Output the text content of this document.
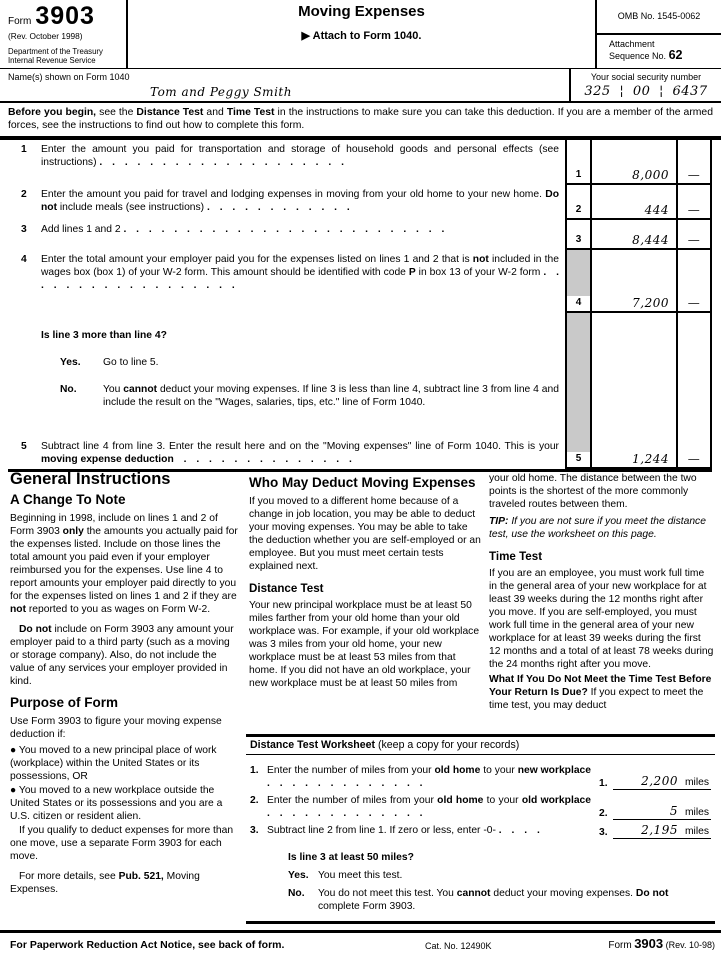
Form 3903
(Rev. October 1998)
Department of the Treasury
Internal Revenue Service
Moving Expenses
▶ Attach to Form 1040.
OMB No. 1545-0062
Attachment
Sequence No. 62
Name(s) shown on Form 1040
Tom and Peggy Smith
Your social security number
325 ¦ 00 ¦ 6437
Before you begin, see the Distance Test and Time Test in the instructions to make sure you can take this deduction. If you are a member of the armed forces, see the instructions to find out how to complete this form.
1	Enter the amount you paid for transportation and storage of household goods and personal effects (see instructions) . . . . . . . . . . . . . . . . . . . .
1	8,000	—
2	Enter the amount you paid for travel and lodging expenses in moving from your old home to your new home. Do not include meals (see instructions) . . . . . . . . . . . .	2	444	—
3	Add lines 1 and 2 . . . . . . . . . . . . . . . . . . . . . . . . . .
3	8,444	—
4	Enter the total amount your employer paid you for the expenses listed on lines 1 and 2 that is not included in the wages box (box 1) of your W-2 form. This amount should be identified with code P in box 13 of your W-2 form . . . . . . . . . . . . . . . . . .
4	7,200	—
Is line 3 more than line 4?
Yes.	Go to line 5.
No.	You cannot deduct your moving expenses. If line 3 is less than line 4, subtract line 3 from line 4 and include the result on the "Wages, salaries, tips, etc." line of Form 1040.
5	Subtract line 4 from line 3. Enter the result here and on the "Moving expenses" line of Form 1040. This is your moving expense deduction . . . . . . . . . . . . . .	5	1,244	—
General Instructions
A Change To Note
Beginning in 1998, include on lines 1 and 2 of Form 3903 only the amounts you actually paid for the expenses listed. Include on those lines the total amount you paid even if your employer reimbursed you for the expenses. Use line 4 to report amounts your employer paid directly to you for the expenses listed on lines 1 and 2 if they are not reported to you as wages on Form W-2.
Do not include on Form 3903 any amount your employer paid to a third party (such as a moving or storage company). Also, do not include the value of any services your employer provided in kind.
Purpose of Form
Use Form 3903 to figure your moving expense deduction if:
● You moved to a new principal place of work (workplace) within the United States or its possessions, OR
● You moved to a new workplace outside the United States or its possessions and you are a U.S. citizen or resident alien.
If you qualify to deduct expenses for more than one move, use a separate Form 3903 for each move.
For more details, see Pub. 521, Moving Expenses.
Who May Deduct Moving Expenses
If you moved to a different home because of a change in job location, you may be able to deduct your moving expenses. You may be able to take the deduction whether you are self-employed or an employee. But you must meet certain tests explained next.
Distance Test
Your new principal workplace must be at least 50 miles farther from your old home than your old workplace was. For example, if your old workplace was 3 miles from your old home, your new workplace must be at least 53 miles from that home. If you did not have an old workplace, your new workplace must be at least 50 miles from
your old home. The distance between the two points is the shortest of the more commonly traveled routes between them.
TIP: If you are not sure if you meet the distance test, use the worksheet on this page.
Time Test
If you are an employee, you must work full time in the general area of your new workplace for at least 39 weeks during the 12 months right after you move. If you are self-employed, you must work full time in the general area of your new workplace for at least 39 weeks during the first 12 months and a total of at least 78 weeks during the 24 months right after you move.
What If You Do Not Meet the Time Test Before Your Return Is Due? If you expect to meet the time test, you may deduct
Distance Test Worksheet (keep a copy for your records)
1. Enter the number of miles from your old home to your new workplace . . . . . . . . . . . . .	1.	2,200 miles
2. Enter the number of miles from your old home to your old workplace . . . . . . . . . . . . .	2.	5 miles
3. Subtract line 2 from line 1. If zero or less, enter -0- . . . .	3.	2,195 miles
Is line 3 at least 50 miles?
Yes. You meet this test.
No.	You do not meet this test. You cannot deduct your moving expenses. Do not complete Form 3903.
For Paperwork Reduction Act Notice, see back of form.	Cat. No. 12490K	Form 3903 (Rev. 10-98)
